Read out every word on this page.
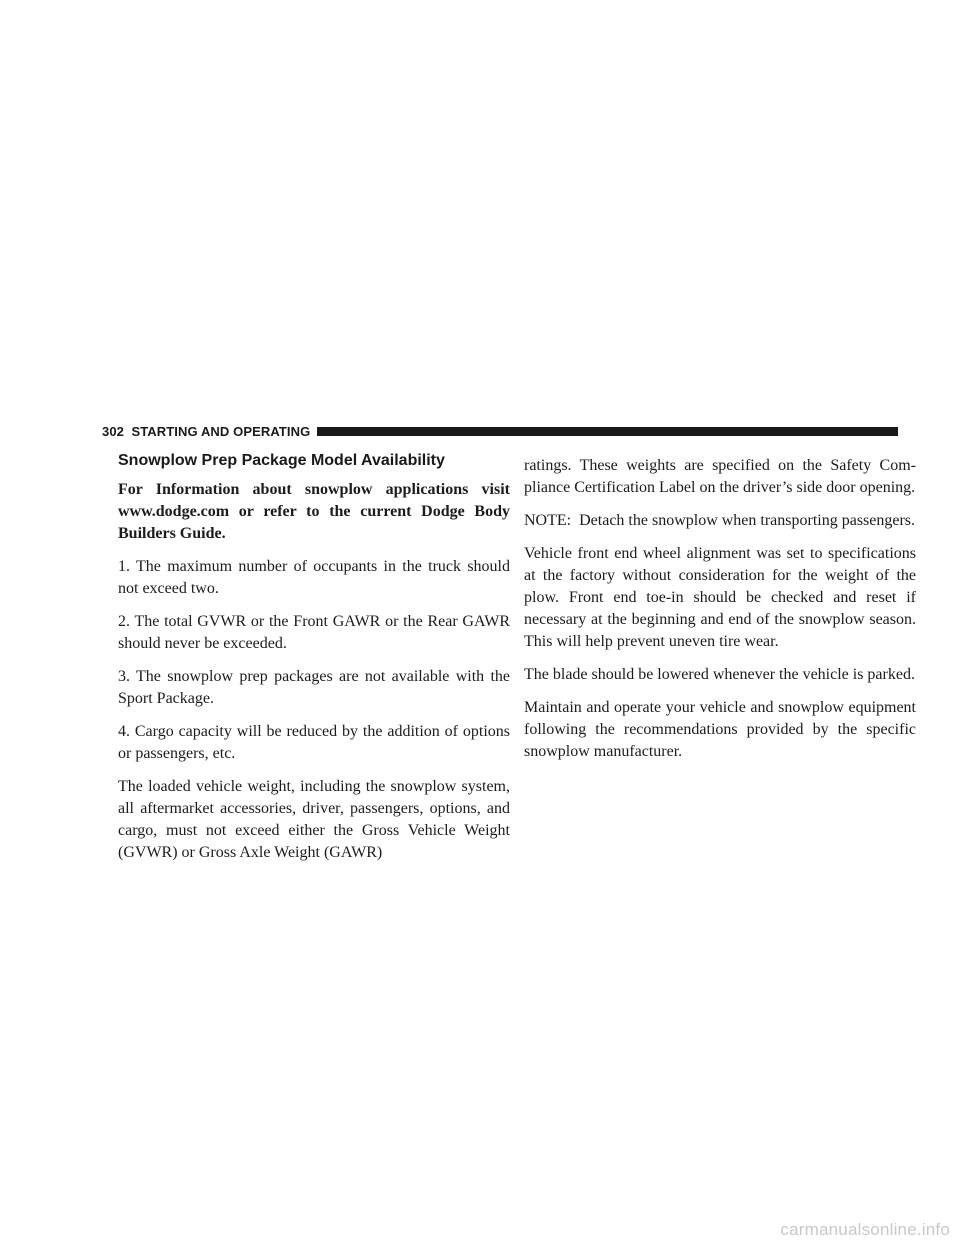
302 STARTING AND OPERATING
Snowplow Prep Package Model Availability

For Information about snowplow applications visit www.dodge.com or refer to the current Dodge Body Builders Guide.

1. The maximum number of occupants in the truck should not exceed two.

2. The total GVWR or the Front GAWR or the Rear GAWR should never be exceeded.

3. The snowplow prep packages are not available with the Sport Package.

4. Cargo capacity will be reduced by the addition of options or passengers, etc.

The loaded vehicle weight, including the snowplow system, all aftermarket accessories, driver, passengers, options, and cargo, must not exceed either the Gross Vehicle Weight (GVWR) or Gross Axle Weight (GAWR)

ratings. These weights are specified on the Safety Compliance Certification Label on the driver’s side door opening.

NOTE: Detach the snowplow when transporting passengers.

Vehicle front end wheel alignment was set to specifications at the factory without consideration for the weight of the plow. Front end toe-in should be checked and reset if necessary at the beginning and end of the snowplow season. This will help prevent uneven tire wear.

The blade should be lowered whenever the vehicle is parked.

Maintain and operate your vehicle and snowplow equipment following the recommendations provided by the specific snowplow manufacturer.

carmanualsonline.info
